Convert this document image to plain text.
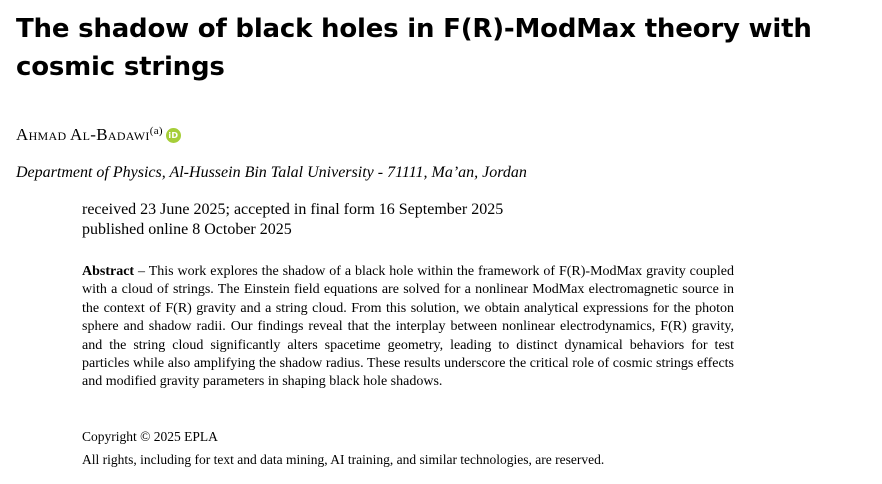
The shadow of black holes in F(R)-ModMax theory with cosmic strings
Ahmad Al-Badawi$^{(a)}$ iD
Department of Physics, Al-Hussein Bin Talal University - 71111, Ma’an, Jordan
received 23 June 2025; accepted in final form 16 September 2025
published online 8 October 2025

Abstract – This work explores the shadow of a black hole within the framework of F(R)-ModMax gravity coupled with a cloud of strings. The Einstein field equations are solved for a nonlinear ModMax electromagnetic source in the context of F(R) gravity and a string cloud. From this solution, we obtain analytical expressions for the photon sphere and shadow radii. Our findings reveal that the interplay between nonlinear electrodynamics, F(R) gravity, and the string cloud significantly alters spacetime geometry, leading to distinct dynamical behaviors for test particles while also amplifying the shadow radius. These results underscore the critical role of cosmic strings effects and modified gravity parameters in shaping black hole shadows.

Copyright © 2025 EPLA
All rights, including for text and data mining, AI training, and similar technologies, are reserved.
